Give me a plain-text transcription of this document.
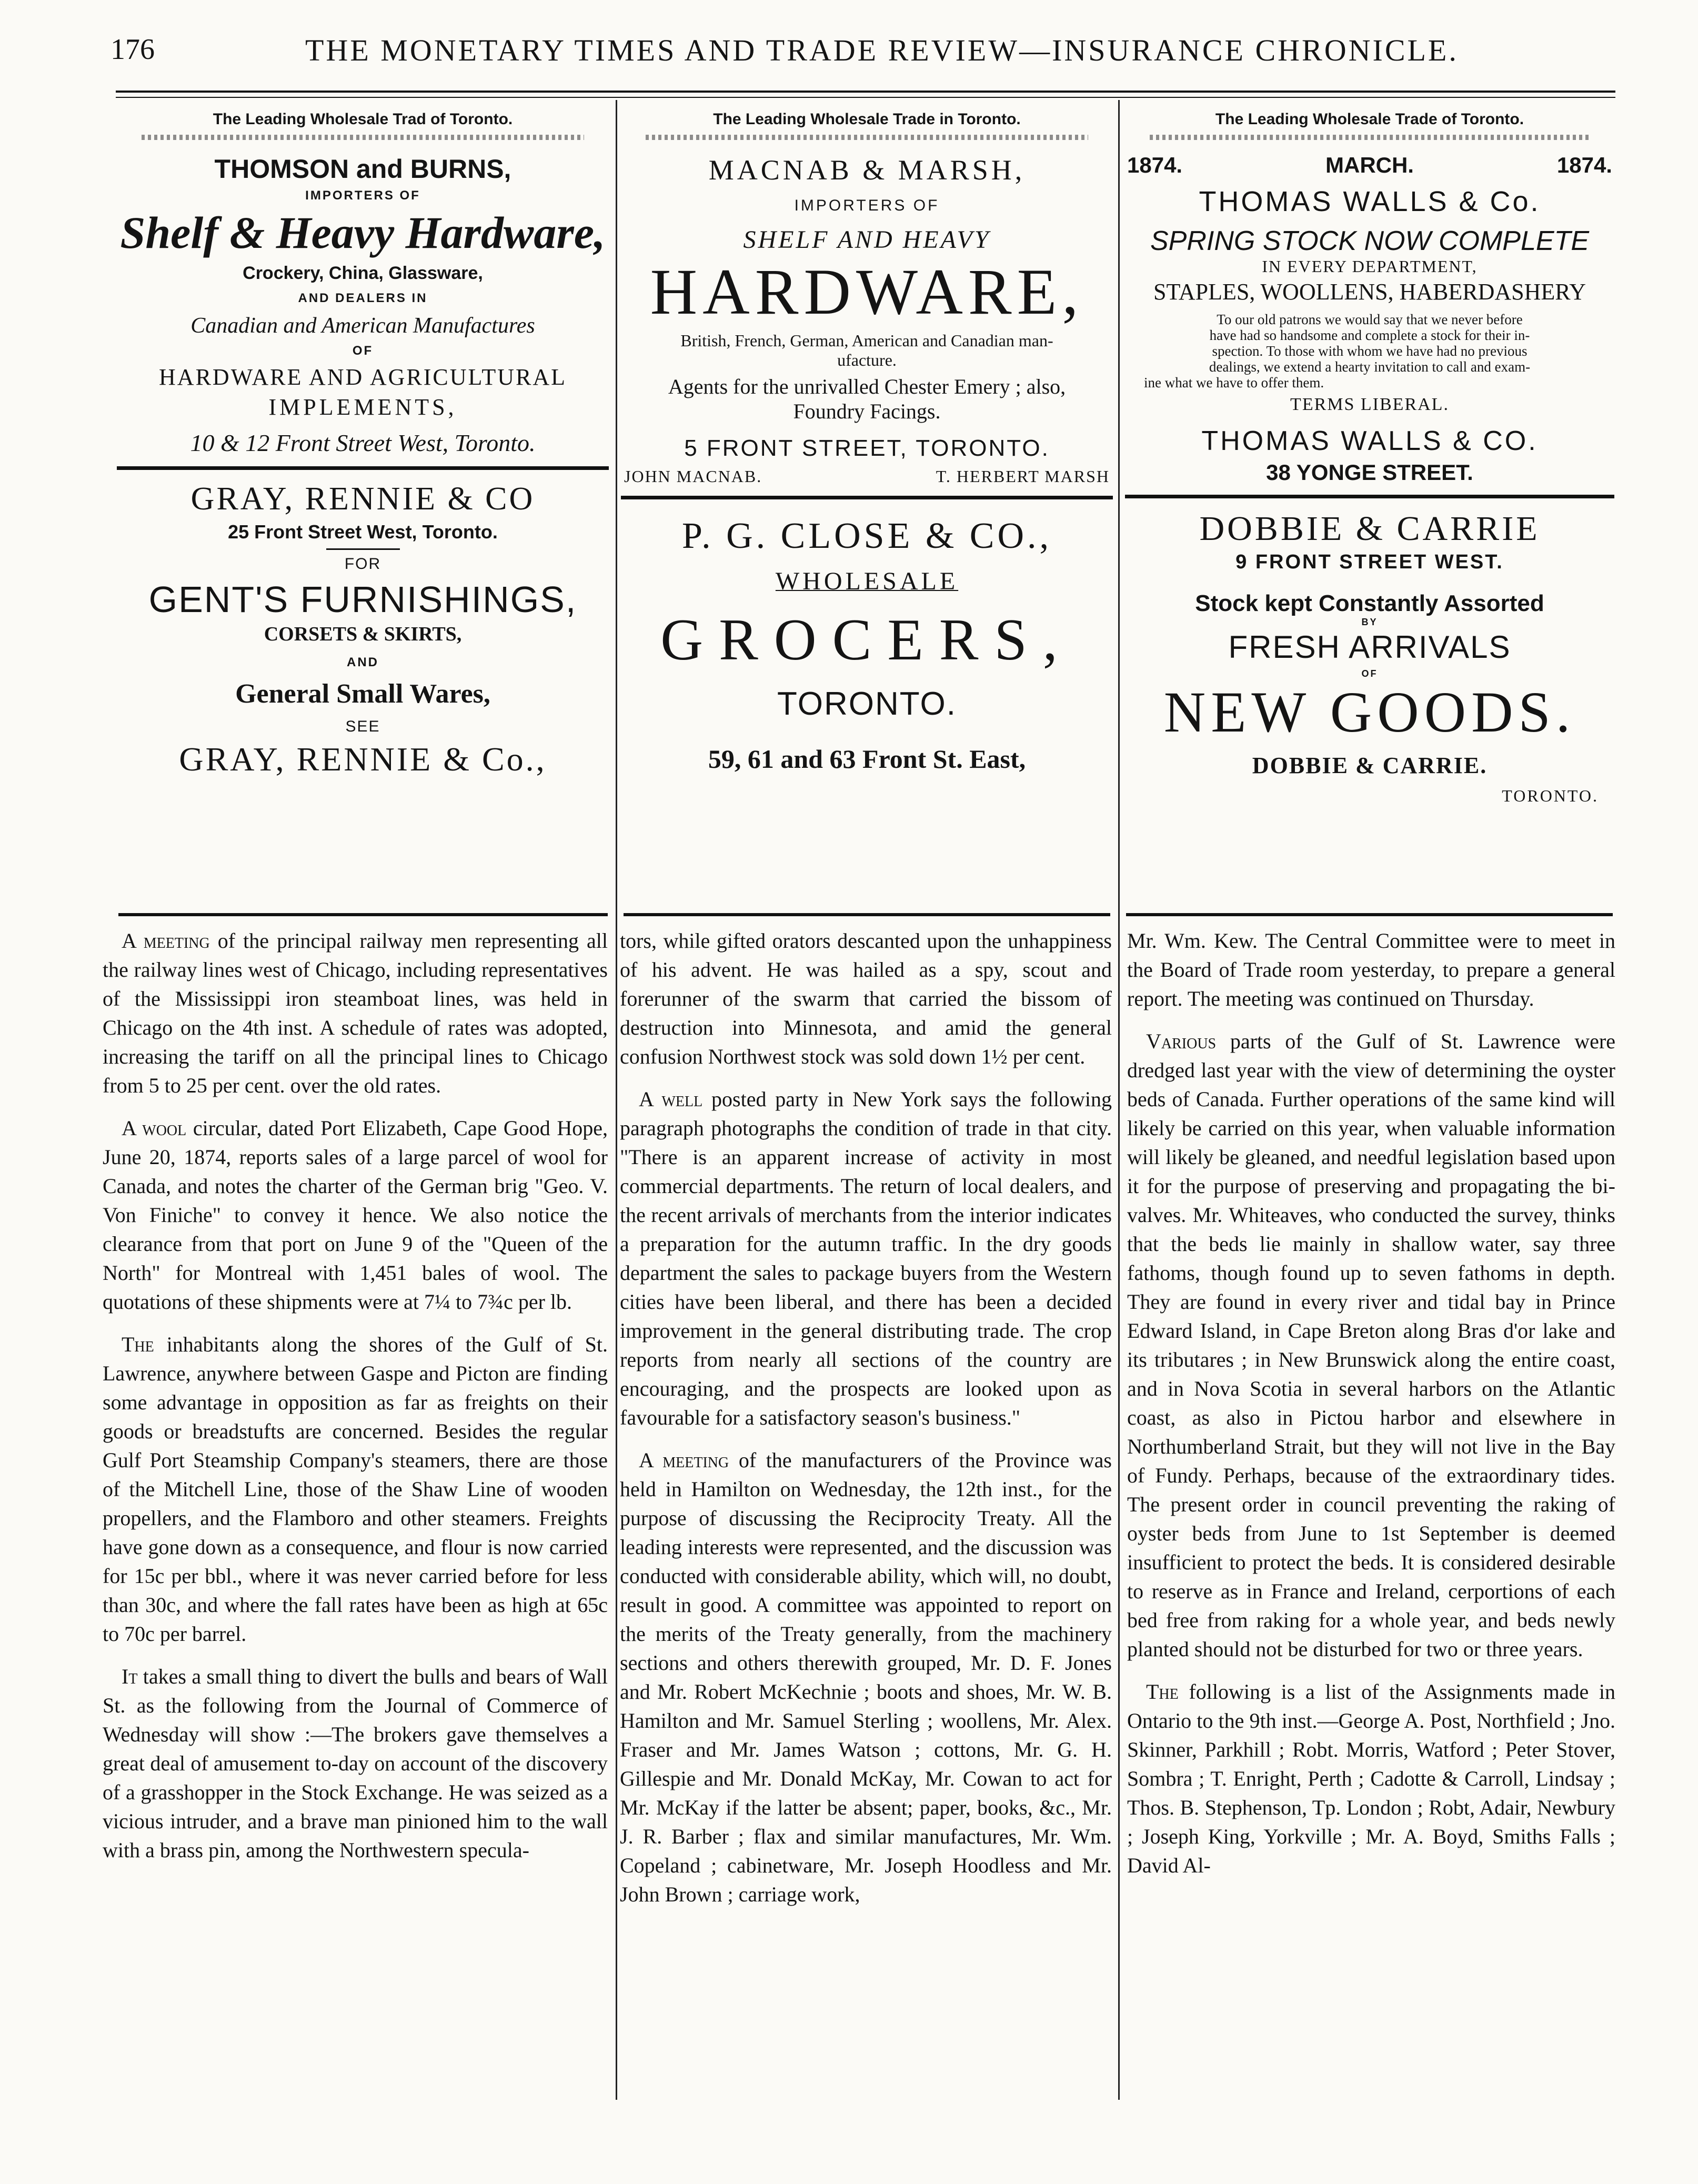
176	THE MONETARY TIMES AND TRADE REVIEW—INSURANCE CHRONICLE.
The Leading Wholesale Trad of Toronto.
THOMSON and BURNS,
IMPORTERS OF
Shelf & Heavy Hardware,
Crockery, China, Glassware,
AND DEALERS IN
Canadian and American Manufactures
OF
HARDWARE AND AGRICULTURAL
IMPLEMENTS,
10 & 12 Front Street West, Toronto.
GRAY, RENNIE & CO
25 Front Street West, Toronto.
FOR
GENT'S FURNISHINGS,
CORSETS & SKIRTS,
AND
General Small Wares,
SEE
GRAY, RENNIE & Co.,
The Leading Wholesale Trade in Toronto.
MACNAB & MARSH,
IMPORTERS OF
SHELF AND HEAVY
HARDWARE,
British, French, German, American and Canadian man-
ufacture.
Agents for the unrivalled Chester Emery ; also,
Foundry Facings.
5 FRONT STREET, TORONTO.
JOHN MACNAB.	T. HERBERT MARSH
P. G. CLOSE & CO.,
WHOLESALE
GROCERS,
TORONTO.
59, 61 and 63 Front St. East,
The Leading Wholesale Trade of Toronto.
1874.	MARCH.	1874.
THOMAS WALLS & Co.
SPRING STOCK NOW COMPLETE
IN EVERY DEPARTMENT,
STAPLES, WOOLLENS, HABERDASHERY
To our old patrons we would say that we never before
have had so handsome and complete a stock for their in-
spection. To those with whom we have had no previous
dealings, we extend a hearty invitation to call and exam-
ine what we have to offer them.
TERMS LIBERAL.
THOMAS WALLS & CO.
38 YONGE STREET.
DOBBIE & CARRIE
9 FRONT STREET WEST.
Stock kept Constantly Assorted
BY
FRESH ARRIVALS
OF
NEW GOODS.
DOBBIE & CARRIE.
TORONTO.

A meeting of the principal railway men representing all the railway lines west of Chicago, including representatives of the Mississippi iron steamboat lines, was held in Chicago on the 4th inst. A schedule of rates was adopted, increasing the tariff on all the principal lines to Chicago from 5 to 25 per cent. over the old rates.

A wool circular, dated Port Elizabeth, Cape Good Hope, June 20, 1874, reports sales of a large parcel of wool for Canada, and notes the charter of the German brig "Geo. V. Von Finiche" to convey it hence. We also notice the clearance from that port on June 9 of the "Queen of the North" for Montreal with 1,451 bales of wool. The quotations of these shipments were at 7¼ to 7¾c per lb.

The inhabitants along the shores of the Gulf of St. Lawrence, anywhere between Gaspe and Picton are finding some advantage in opposition as far as freights on their goods or breadstufts are concerned. Besides the regular Gulf Port Steamship Company's steamers, there are those of the Mitchell Line, those of the Shaw Line of wooden propellers, and the Flamboro and other steamers. Freights have gone down as a consequence, and flour is now carried for 15c per bbl., where it was never carried before for less than 30c, and where the fall rates have been as high at 65c to 70c per barrel.

It takes a small thing to divert the bulls and bears of Wall St. as the following from the Journal of Commerce of Wednesday will show :—The brokers gave themselves a great deal of amusement to-day on account of the discovery of a grasshopper in the Stock Exchange. He was seized as a vicious intruder, and a brave man pinioned him to the wall with a brass pin, among the Northwestern specula-

tors, while gifted orators descanted upon the unhappiness of his advent. He was hailed as a spy, scout and forerunner of the swarm that carried the bissom of destruction into Minnesota, and amid the general confusion Northwest stock was sold down 1½ per cent.

A well posted party in New York says the following paragraph photographs the condition of trade in that city. "There is an apparent increase of activity in most commercial departments. The return of local dealers, and the recent arrivals of merchants from the interior indicates a preparation for the autumn traffic. In the dry goods department the sales to package buyers from the Western cities have been liberal, and there has been a decided improvement in the general distributing trade. The crop reports from nearly all sections of the country are encouraging, and the prospects are looked upon as favourable for a satisfactory season's business."

A meeting of the manufacturers of the Province was held in Hamilton on Wednesday, the 12th inst., for the purpose of discussing the Reciprocity Treaty. All the leading interests were represented, and the discussion was conducted with considerable ability, which will, no doubt, result in good. A committee was appointed to report on the merits of the Treaty generally, from the machinery sections and others therewith grouped, Mr. D. F. Jones and Mr. Robert McKechnie ; boots and shoes, Mr. W. B. Hamilton and Mr. Samuel Sterling ; woollens, Mr. Alex. Fraser and Mr. James Watson ; cottons, Mr. G. H. Gillespie and Mr. Donald McKay, Mr. Cowan to act for Mr. McKay if the latter be absent; paper, books, &c., Mr. J. R. Barber ; flax and similar manufactures, Mr. Wm. Copeland ; cabinetware, Mr. Joseph Hoodless and Mr. John Brown ; carriage work,

Mr. Wm. Kew. The Central Committee were to meet in the Board of Trade room yesterday, to prepare a general report. The meeting was continued on Thursday.

Various parts of the Gulf of St. Lawrence were dredged last year with the view of determining the oyster beds of Canada. Further operations of the same kind will likely be carried on this year, when valuable information will likely be gleaned, and needful legislation based upon it for the purpose of preserving and propagating the bi-valves. Mr. Whiteaves, who conducted the survey, thinks that the beds lie mainly in shallow water, say three fathoms, though found up to seven fathoms in depth. They are found in every river and tidal bay in Prince Edward Island, in Cape Breton along Bras d'or lake and its tributares ; in New Brunswick along the entire coast, and in Nova Scotia in several harbors on the Atlantic coast, as also in Pictou harbor and elsewhere in Northumberland Strait, but they will not live in the Bay of Fundy. Perhaps, because of the extraordinary tides. The present order in council preventing the raking of oyster beds from June to 1st September is deemed insufficient to protect the beds. It is considered desirable to reserve as in France and Ireland, cerportions of each bed free from raking for a whole year, and beds newly planted should not be disturbed for two or three years.

The following is a list of the Assignments made in Ontario to the 9th inst.—George A. Post, Northfield ; Jno. Skinner, Parkhill ; Robt. Morris, Watford ; Peter Stover, Sombra ; T. Enright, Perth ; Cadotte & Carroll, Lindsay ; Thos. B. Stephenson, Tp. London ; Robt, Adair, Newbury ; Joseph King, Yorkville ; Mr. A. Boyd, Smiths Falls ; David Al-
